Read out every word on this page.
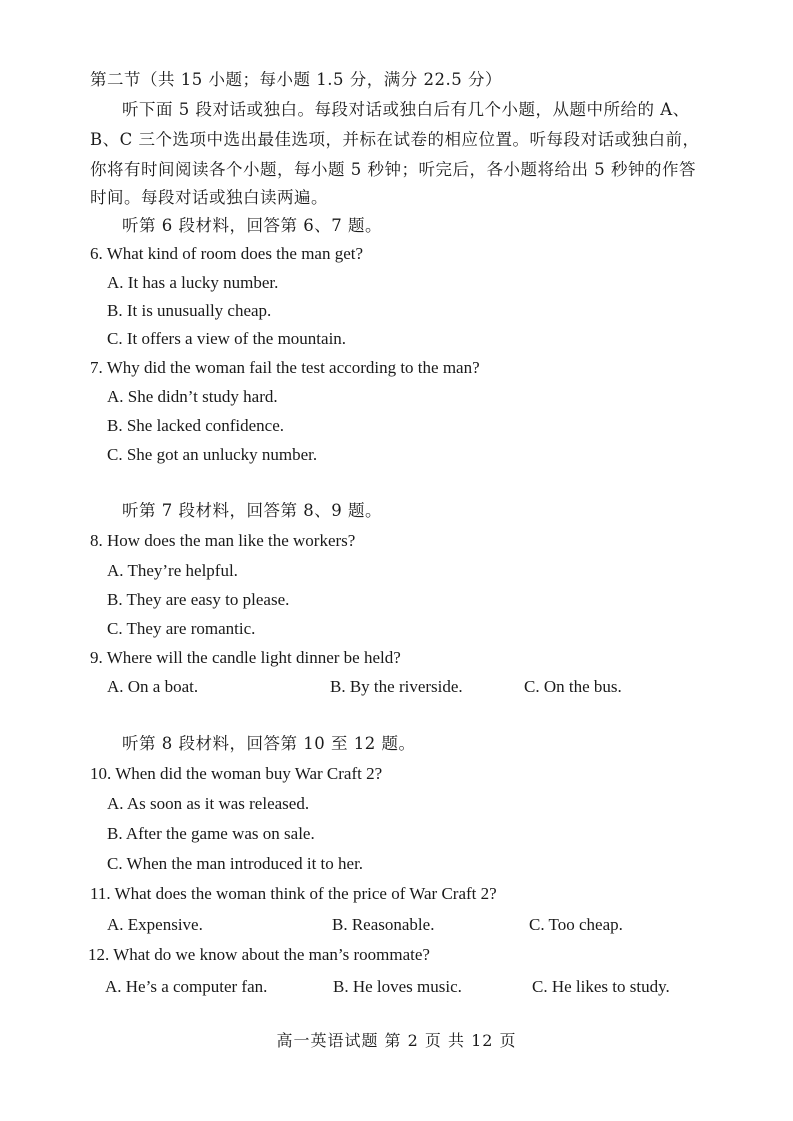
第二节（共 15 小题；每小题 1.5 分，满分 22.5 分）
听下面 5 段对话或独白。每段对话或独白后有几个小题，从题中所给的 A、
B、C 三个选项中选出最佳选项，并标在试卷的相应位置。听每段对话或独白前，
你将有时间阅读各个小题，每小题 5 秒钟；听完后，各小题将给出 5 秒钟的作答
时间。每段对话或独白读两遍。
听第 6 段材料，回答第 6、7 题。
6. What kind of room does the man get?
A. It has a lucky number.
B. It is unusually cheap.
C. It offers a view of the mountain.
7. Why did the woman fail the test according to the man?
A. She didn’t study hard.
B. She lacked confidence.
C. She got an unlucky number.
听第 7 段材料，回答第 8、9 题。
8. How does the man like the workers?
A. They’re helpful.
B. They are easy to please.
C. They are romantic.
9. Where will the candle light dinner be held?
A. On a boat.	B. By the riverside.	C. On the bus.
听第 8 段材料，回答第 10 至 12 题。
10. When did the woman buy War Craft 2?
A. As soon as it was released.
B. After the game was on sale.
C. When the man introduced it to her.
11. What does the woman think of the price of War Craft 2?
A. Expensive.	B. Reasonable.	C. Too cheap.
12. What do we know about the man’s roommate?
A. He’s a computer fan.	B. He loves music.	C. He likes to study.
高一英语试题 第 2 页 共 12 页
